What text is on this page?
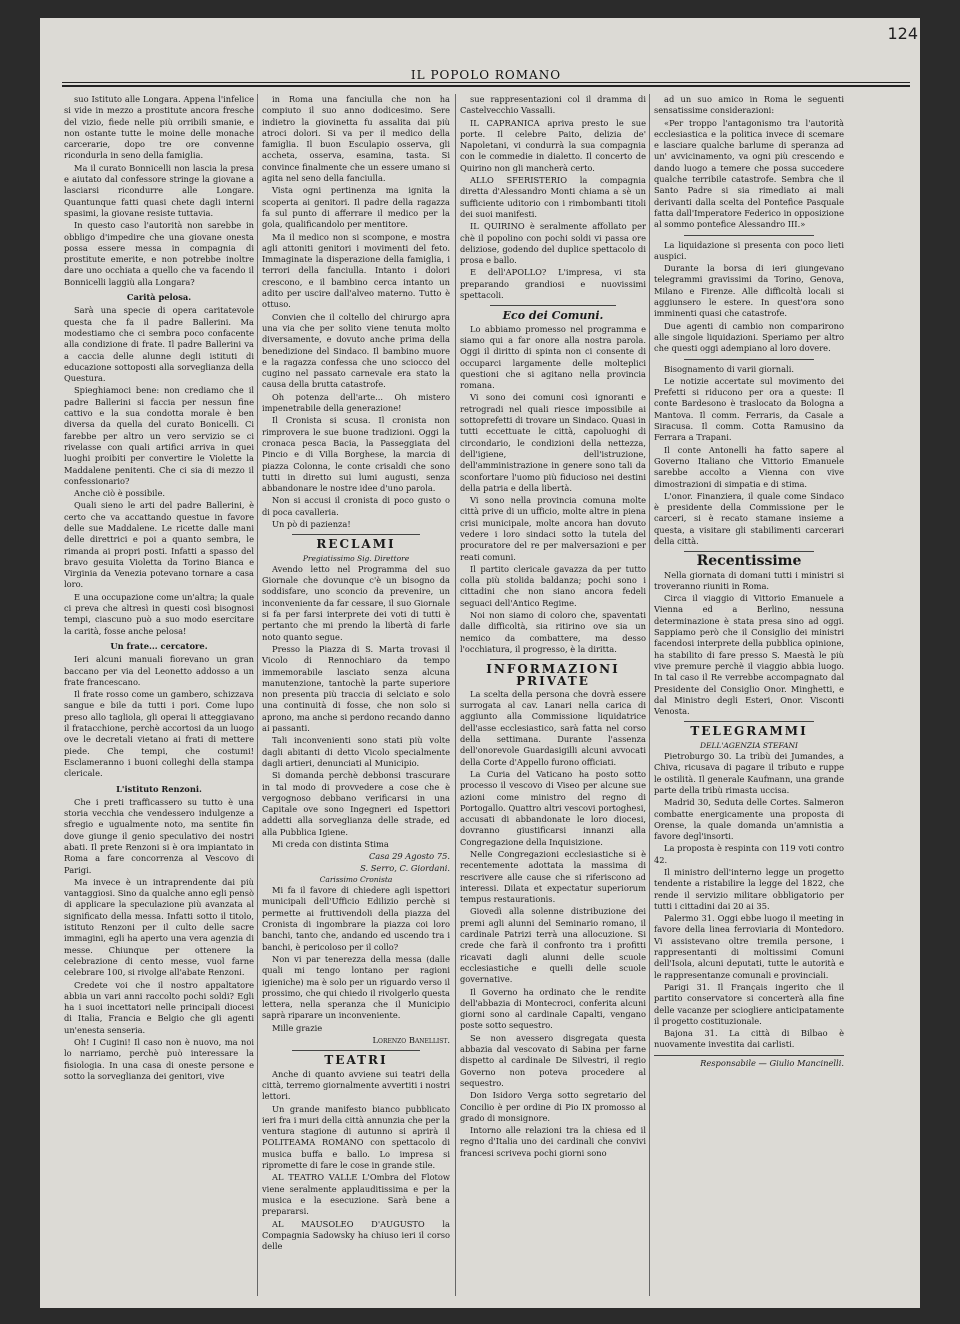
124
IL POPOLO ROMANO

suo Istituto alle Longara. Appena l'infelice si vide in mezzo a prostitute ancora fresche del vizio, fiede nelle più orribili smanie, e non ostante tutte le moine delle monache carcerarie, dopo tre ore convenne ricondurla in seno della famiglia.

Ma il curato Bonnicelli non lascia la presa e aiutato dal confessore stringe la giovane a lasciarsi ricondurre alle Longare. Quantunque fatti quasi chete dagli interni spasimi, la giovane resiste tuttavia.

In questo caso l'autorità non sarebbe in obbligo d'impedire che una giovane onesta possa essere messa in compagnia di prostitute emerite, e non potrebbe inoltre dare uno occhiata a quello che va facendo il Bonnicelli laggiù alla Longara?

Carità pelosa.

Sarà una specie di opera caritatevole questa che fa il padre Ballerini. Ma modestiamo che ci sembra poco confacente alla condizione di frate. Il padre Ballerini va a caccia delle alunne degli istituti di educazione sottoposti alla sorveglianza della Questura.

Spieghiamoci bene: non crediamo che il padre Ballerini si faccia per nessun fine cattivo e la sua condotta morale è ben diversa da quella del curato Bonicelli. Ci farebbe per altro un vero servizio se ci rivelasse con quali artifici arriva in quei luoghi proibiti per convertire le Violette la Maddalene penitenti. Che ci sia di mezzo il confessionario?

Anche ciò è possibile.

Quali sieno le arti del padre Ballerini, è certo che va accattando questue in favore delle sue Maddalene. Le ricette dalle mani delle direttrici e poi a quanto sembra, le rimanda ai propri posti. Infatti a spasso del bravo gesuita Violetta da Torino Bianca e Virginia da Venezia potevano tornare a casa loro.

E una occupazione come un'altra; la quale ci preva che altresì in questi così bisognosi tempi, ciascuno può a suo modo esercitare la carità, fosse anche pelosa!

Un frate... cercatore.

Ieri alcuni manuali fiorevano un gran baccano per via del Leonetto addosso a un frate francescano.

Il frate rosso come un gambero, schizzava sangue e bile da tutti i pori. Come lupo preso allo tagliola, gli operai li atteggiavano il fratacchione, perchè accortosi da un luogo ove le decretali vietano ai frati di mettere piede. Che tempi, che costumi! Esclameranno i buoni colleghi della stampa clericale.

L'istituto Renzoni.

Che i preti trafficassero su tutto è una storia vecchia che vendessero indulgenze a sfregio e ugualmente noto, ma sentite fin dove giunge il genio speculativo dei nostri abati. Il prete Renzoni si è ora impiantato in Roma a fare concorrenza al Vescovo di Parigi.

Ma invece è un intraprendente dai più vantaggiosi. Sino da qualche anno egli pensò di applicare la speculazione più avanzata al significato della messa. Infatti sotto il titolo, istituto Renzoni per il culto delle sacre immagini, egli ha aperto una vera agenzia di messe. Chiunque per ottenere la celebrazione di cento messe, vuol farne celebrare 100, si rivolge all'abate Renzoni.

Credete voi che il nostro appaltatore abbia un vari anni raccolto pochi soldi? Egli ha i suoi incettatori nelle principali diocesi di Italia, Francia e Belgio che gli agenti un'enesta senseria.

Oh! I Cugini! Il caso non è nuovo, ma noi lo narriamo, perchè può interessare la fisiologia. In una casa di oneste persone e sotto la sorveglianza dei genitori, vive

in Roma una fanciulla che non ha compiuto il suo anno dodicesimo. Sere indietro la giovinetta fu assalita dai più atroci dolori. Si va per il medico della famiglia. Il buon Esculapio osserva, gli accheta, osserva, esamina, tasta. Si convince finalmente che un essere umano si agita nel seno della fanciulla.

Vista ogni pertinenza ma ignita la scoperta ai genitori. Il padre della ragazza fa sul punto di afferrare il medico per la gola, qualificandolo per mentitore.

Ma il medico non si scompone, e mostra agli attoniti genitori i movimenti del feto. Immaginate la disperazione della famiglia, i terrori della fanciulla. Intanto i dolori crescono, e il bambino cerca intanto un adito per uscire dall'alveo materno. Tutto è ottuso.

Convien che il coltello del chirurgo apra una via che per solito viene tenuta molto diversamente, e dovuto anche prima della benedizione del Sindaco. Il bambino muore e la ragazza confessa che uno sciocco del cugino nel passato carnevale era stato la causa della brutta catastrofe.

Oh potenza dell'arte... Oh mistero impenetrabile della generazione!

Il Cronista si scusa. Il cronista non rimprovera le sue buone tradizioni. Oggi la cronaca pesca Bacia, la Passeggiata del Pincio e di Villa Borghese, la marcia di piazza Colonna, le conte crisaldi che sono tutti in diretto sui lumi augusti, senza abbandonare le nostre idee d'uno parola.

Non si accusi il cronista di poco gusto o di poca cavalleria.

Un pò di pazienza!

RECLAMI
Pregiatissimo Sig. Direttore

Avendo letto nel Programma del suo Giornale che dovunque c'è un bisogno da soddisfare, uno sconcio da prevenire, un inconveniente da far cessare, il suo Giornale si fa per farsi interprete dei voti di tutti è pertanto che mi prendo la libertà di farle noto quanto segue.

Presso la Piazza di S. Marta trovasi il Vicolo di Rennochiaro da tempo immemorabile lasciato senza alcuna manutenzione, tantochè la parte superiore non presenta più traccia di selciato e solo una continuità di fosse, che non solo si aprono, ma anche si perdono recando danno ai passanti.

Tali inconvenienti sono stati più volte dagli abitanti di detto Vicolo specialmente dagli artieri, denunciati al Municipio.

Si domanda perchè debbonsi trascurare in tal modo di provvedere a cose che è vergognoso debbano verificarsi in una Capitale ove sono Ingegneri ed Ispettori addetti alla sorveglianza delle strade, ed alla Pubblica Igiene.

Mi creda con distinta Stima

Casa 29 Agosto 75.
S. Serro, C. Giordani.
Carissimo Cronista

Mi fa il favore di chiedere agli ispettori municipali dell'Ufficio Edilizio perchè si permette ai fruttivendoli della piazza del Cronista di ingombrare la piazza coi loro banchi, tanto che, andando ed uscendo tra i banchi, è pericoloso per il collo?

Non vi par tenerezza della messa (dalle quali mi tengo lontano per ragioni igieniche) ma è solo per un riguardo verso il prossimo, che qui chiedo il rivolgerlo questa lettera, nella speranza che il Municipio saprà riparare un inconveniente.

Mille grazie

Lorenzo Banellist.
TEATRI

Anche di quanto avviene sui teatri della città, terremo giornalmente avvertiti i nostri lettori.

Un grande manifesto bianco pubblicato ieri fra i muri della città annunzia che per la ventura stagione di autunno si aprirà il POLITEAMA ROMANO con spettacolo di musica buffa e ballo. Lo impresa si ripromette di fare le cose in grande stile.

AL TEATRO VALLE L'Ombra del Flotow viene seralmente applauditissima e per la musica e la esecuzione. Sarà bene a prepararsi.

AL MAUSOLEO D'AUGUSTO la Compagnia Sadowsky ha chiuso ieri il corso delle

sue rappresentazioni col il dramma di Castelvecchio Vassalli.

IL CAPRANICA apriva presto le sue porte. Il celebre Paito, delizia de' Napoletani, vi condurrà la sua compagnia con le commedie in dialetto. Il concerto de Quirino non gli mancherà certo.

ALLO SFERISTERIO la compagnia diretta d'Alessandro Monti chiama a sè un sufficiente uditorio con i rimbombanti titoli dei suoi manifesti.

IL QUIRINO è seralmente affollato per chè il popolino con pochi soldi vi passa ore deliziose, godendo del duplice spettacolo di prosa e ballo.

E dell'APOLLO? L'impresa, vi sta preparando grandiosi e nuovissimi spettacoli.

Eco dei Comuni.

Lo abbiamo promesso nel programma e siamo qui a far onore alla nostra parola. Oggi il diritto di spinta non ci consente di occuparci largamente delle molteplici questioni che si agitano nella provincia romana.

Vi sono dei comuni così ignoranti e retrogradi nel quali riesce impossibile ai sottoprefetti di trovare un Sindaco. Quasi in tutti eccettuate le città, capoluoghi di circondario, le condizioni della nettezza, dell'igiene, dell'istruzione, dell'amministrazione in genere sono tali da sconfortare l'uomo più fiducioso nei destini della patria e della libertà.

Vi sono nella provincia comuna molte città prive di un ufficio, molte altre in piena crisi municipale, molte ancora han dovuto vedere i loro sindaci sotto la tutela del procuratore del re per malversazioni e per reati comuni.

Il partito clericale gavazza da per tutto colla più stolida baldanza; pochi sono i cittadini che non siano ancora fedeli seguaci dell'Antico Regime.

Noi non siamo di coloro che, spaventati dalle difficoltà, sia ritirino ove sia un nemico da combattere, ma desso l'occhiatura, il progresso, è la diritta.

INFORMAZIONI PRIVATE

La scelta della persona che dovrà essere surrogata al cav. Lanari nella carica di aggiunto alla Commissione liquidatrice dell'asse ecclesiastico, sarà fatta nel corso della settimana. Durante l'assenza dell'onorevole Guardasigilli alcuni avvocati della Corte d'Appello furono officiati.

La Curia del Vaticano ha posto sotto processo il vescovo di Viseo per alcune sue azioni come ministro del regno di Portogallo. Quattro altri vescovi portoghesi, accusati di abbandonate le loro diocesi, dovranno giustificarsi innanzi alla Congregazione della Inquisizione.

Nelle Congregazioni ecclesiastiche si è recentemente adottata la massima di rescrivere alle cause che si riferiscono ad interessi. Dilata et expectatur superiorum tempus restaurationis.

Giovedì alla solenne distribuzione dei premi agli alunni del Seminario romano, il cardinale Patrizi terrà una allocuzione. Si crede che farà il confronto tra i profitti ricavati dagli alunni delle scuole ecclesiastiche e quelli delle scuole governative.

Il Governo ha ordinato che le rendite dell'abbazia di Montecroci, conferita alcuni giorni sono al cardinale Capalti, vengano poste sotto sequestro.

Se non avessero disgregata questa abbazia dal vescovato di Sabina per farne dispetto al cardinale De Silvestri, il regio Governo non poteva procedere al sequestro.

Don Isidoro Verga sotto segretario del Concilio è per ordine di Pio IX promosso al grado di monsignore.

Intorno alle relazioni tra la chiesa ed il regno d'Italia uno dei cardinali che convivi francesi scriveva pochi giorni sono

ad un suo amico in Roma le seguenti sensatissime considerazioni:

«Per troppo l'antagonismo tra l'autorità ecclesiastica e la politica invece di scemare e lasciare qualche barlume di speranza ad un' avvicinamento, va ogni più crescendo e dando luogo a temere che possa succedere qualche terribile catastrofe. Sembra che il Santo Padre si sia rimediato ai mali derivanti dalla scelta del Pontefice Pasquale fatta dall'Imperatore Federico in opposizione al sommo pontefice Alessandro III.»

La liquidazione si presenta con poco lieti auspici.

Durante la borsa di ieri giungevano telegrammi gravissimi da Torino, Genova, Milano e Firenze. Alle difficoltà locali si aggiunsero le estere. In quest'ora sono imminenti quasi che catastrofe.

Due agenti di cambio non comparirono alle singole liquidazioni. Speriamo per altro che questi oggi adempiano al loro dovere.

Bisognamento di varii giornali.

Le notizie accertate sul movimento dei Prefetti si riducono per ora a queste: Il conte Bardesono è traslocato da Bologna a Mantova. Il comm. Ferraris, da Casale a Siracusa. Il comm. Cotta Ramusino da Ferrara a Trapani.

Il conte Antonelli ha fatto sapere al Governo Italiano che Vittorio Emanuele sarebbe accolto a Vienna con vive dimostrazioni di simpatia e di stima.

L'onor. Finanziera, il quale come Sindaco è presidente della Commissione per le carceri, si è recato stamane insieme a questa, a visitare gli stabilimenti carcerari della città.

Recentissime

Nella giornata di domani tutti i ministri si troveranno riuniti in Roma.

Circa il viaggio di Vittorio Emanuele a Vienna ed a Berlino, nessuna determinazione è stata presa sino ad oggi. Sappiamo però che il Consiglio dei ministri facendosi interprete della pubblica opinione, ha stabilito di fare presso S. Maestà le più vive premure perchè il viaggio abbia luogo. In tal caso il Re verrebbe accompagnato dal Presidente del Consiglio Onor. Minghetti, e dal Ministro degli Esteri, Onor. Visconti Venosta.

TELEGRAMMI
DELL'AGENZIA STEFANI

Pietroburgo 30. La tribù dei Jumandes, a Chiva, ricusava di pagare il tributo e ruppe le ostilità. Il generale Kaufmann, una grande parte della tribù rimasta uccisa.

Madrid 30, Seduta delle Cortes. Salmeron combatte energicamente una proposta di Orense, la quale domanda un'amnistia a favore degl'insorti.

La proposta è respinta con 119 voti contro 42.

Il ministro dell'interno legge un progetto tendente a ristabilire la legge del 1822, che rende il servizio militare obbligatorio per tutti i cittadini dai 20 ai 35.

Palermo 31. Oggi ebbe luogo il meeting in favore della linea ferroviaria di Montedoro. Vi assistevano oltre tremila persone, i rappresentanti di moltissimi Comuni dell'Isola, alcuni deputati, tutte le autorità e le rappresentanze comunali e provinciali.

Parigi 31. Il Français ingerito che il partito conservatore si concerterà alla fine delle vacanze per sciogliere anticipatamente il progetto costituzionale.

Bajona 31. La città di Bilbao è nuovamente investita dai carlisti.

Responsabile — Giulio Mancinelli.
